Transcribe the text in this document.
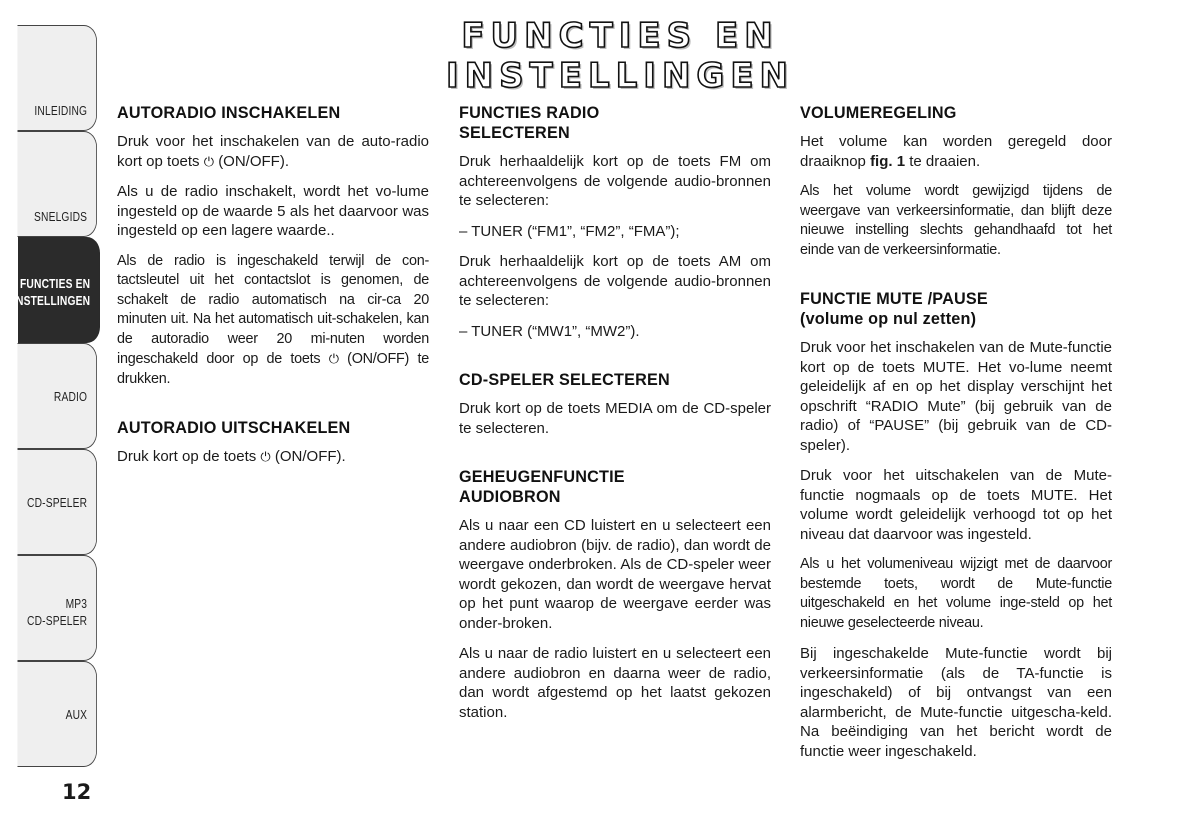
FUNCTIES EN INSTELLINGEN
INLEIDING
SNELGIDS
FUNCTIES EN
INSTELLINGEN
RADIO
CD-SPELER
MP3
CD-SPELER
AUX
12
AUTORADIO INSCHAKELEN

Druk voor het inschakelen van de auto-radio kort op toets ⏻ (ON/OFF).

Als u de radio inschakelt, wordt het vo-lume ingesteld op de waarde 5 als het daarvoor was ingesteld op een lagere waarde..

Als de radio is ingeschakeld terwijl de con-tactsleutel uit het contactslot is genomen, de schakelt de radio automatisch na cir-ca 20 minuten uit. Na het automatisch uit-schakelen, kan de autoradio weer 20 mi-nuten worden ingeschakeld door op de toets ⏻ (ON/OFF) te drukken.

AUTORADIO UITSCHAKELEN

Druk kort op de toets ⏻ (ON/OFF).

FUNCTIES RADIO
SELECTEREN

Druk herhaaldelijk kort op de toets FM om achtereenvolgens de volgende audio-bronnen te selecteren:

– TUNER (“FM1”, “FM2”, “FMA”);

Druk herhaaldelijk kort op de toets AM om achtereenvolgens de volgende audio-bronnen te selecteren:

– TUNER (“MW1”, “MW2”).

CD-SPELER SELECTEREN

Druk kort op de toets MEDIA om de CD-speler te selecteren.

GEHEUGENFUNCTIE
AUDIOBRON

Als u naar een CD luistert en u selecteert een andere audiobron (bijv. de radio), dan wordt de weergave onderbroken. Als de CD-speler weer wordt gekozen, dan wordt de weergave hervat op het punt waarop de weergave eerder was onder-broken.

Als u naar de radio luistert en u selecteert een andere audiobron en daarna weer de radio, dan wordt afgestemd op het laatst gekozen station.

VOLUMEREGELING

Het volume kan worden geregeld door draaiknop fig. 1 te draaien.

Als het volume wordt gewijzigd tijdens de weergave van verkeersinformatie, dan blijft deze nieuwe instelling slechts gehandhaafd tot het einde van de verkeersinformatie.

FUNCTIE MUTE /PAUSE
(volume op nul zetten)

Druk voor het inschakelen van de Mute-functie kort op de toets MUTE. Het vo-lume neemt geleidelijk af en op het display verschijnt het opschrift “RADIO Mute” (bij gebruik van de radio) of “PAUSE” (bij gebruik van de CD-speler).

Druk voor het uitschakelen van de Mute-functie nogmaals op de toets MUTE. Het volume wordt geleidelijk verhoogd tot op het niveau dat daarvoor was ingesteld.

Als u het volumeniveau wijzigt met de daarvoor bestemde toets, wordt de Mute-functie uitgeschakeld en het volume inge-steld op het nieuwe geselecteerde niveau.

Bij ingeschakelde Mute-functie wordt bij verkeersinformatie (als de TA-functie is ingeschakeld) of bij ontvangst van een alarmbericht, de Mute-functie uitgescha-keld. Na beëindiging van het bericht wordt de functie weer ingeschakeld.
